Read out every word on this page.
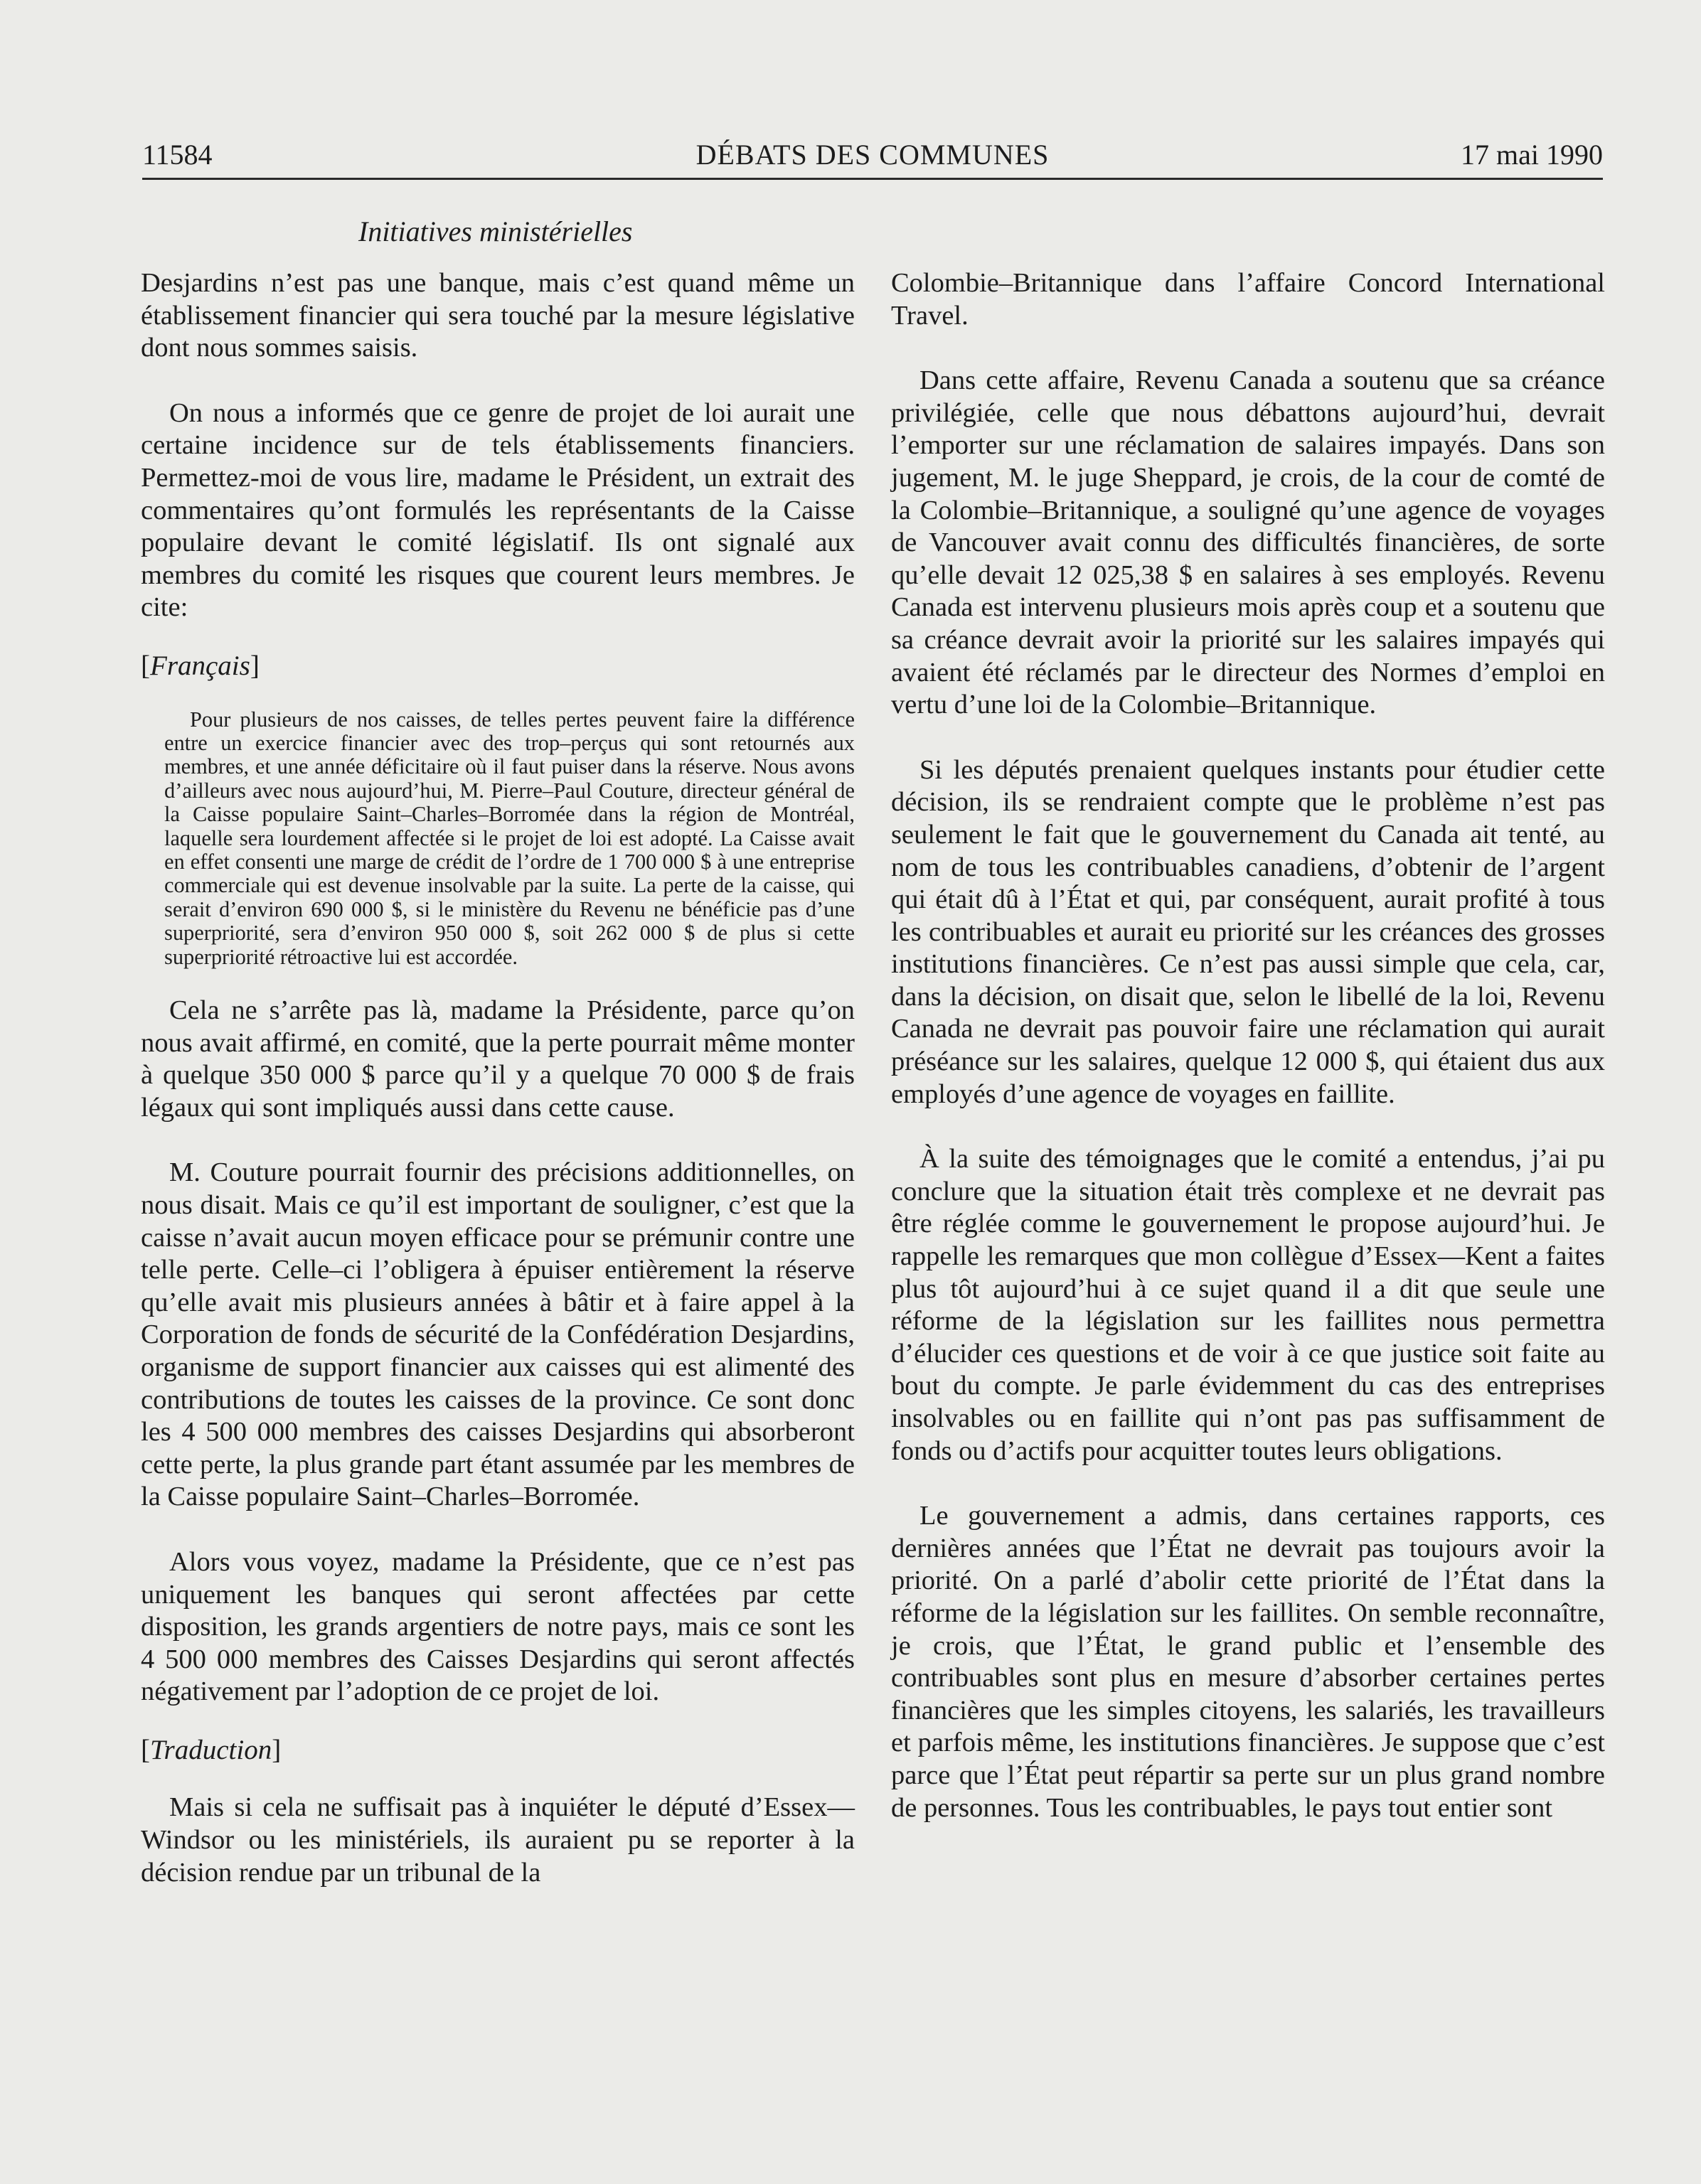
11584	DÉBATS DES COMMUNES	17 mai 1990
Initiatives ministérielles

Desjardins n’est pas une banque, mais c’est quand même un établissement financier qui sera touché par la mesure législative dont nous sommes saisis.

On nous a informés que ce genre de projet de loi aurait une certaine incidence sur de tels établissements financiers. Permettez-moi de vous lire, madame le Président, un extrait des commentaires qu’ont formulés les représentants de la Caisse populaire devant le comité législatif. Ils ont signalé aux membres du comité les risques que courent leurs membres. Je cite:

[Français]

Pour plusieurs de nos caisses, de telles pertes peuvent faire la différence entre un exercice financier avec des trop–perçus qui sont retournés aux membres, et une année déficitaire où il faut puiser dans la réserve. Nous avons d’ailleurs avec nous aujourd’hui, M. Pierre–Paul Couture, directeur général de la Caisse populaire Saint–Charles–Borromée dans la région de Montréal, laquelle sera lourdement affectée si le projet de loi est adopté. La Caisse avait en effet consenti une marge de crédit de l’ordre de 1 700 000 $ à une entreprise commerciale qui est devenue insolvable par la suite. La perte de la caisse, qui serait d’environ 690 000 $, si le ministère du Revenu ne bénéficie pas d’une superpriorité, sera d’environ 950 000 $, soit 262 000 $ de plus si cette superpriorité rétroactive lui est accordée.

Cela ne s’arrête pas là, madame la Présidente, parce qu’on nous avait affirmé, en comité, que la perte pourrait même monter à quelque 350 000 $ parce qu’il y a quelque 70 000 $ de frais légaux qui sont impliqués aussi dans cette cause.

M. Couture pourrait fournir des précisions additionnelles, on nous disait. Mais ce qu’il est important de souligner, c’est que la caisse n’avait aucun moyen efficace pour se prémunir contre une telle perte. Celle–ci l’obligera à épuiser entièrement la réserve qu’elle avait mis plusieurs années à bâtir et à faire appel à la Corporation de fonds de sécurité de la Confédération Desjardins, organisme de support financier aux caisses qui est alimenté des contributions de toutes les caisses de la province. Ce sont donc les 4 500 000 membres des caisses Desjardins qui absorberont cette perte, la plus grande part étant assumée par les membres de la Caisse populaire Saint–Charles–Borromée.

Alors vous voyez, madame la Présidente, que ce n’est pas uniquement les banques qui seront affectées par cette disposition, les grands argentiers de notre pays, mais ce sont les 4 500 000 membres des Caisses Desjardins qui seront affectés négativement par l’adoption de ce projet de loi.

[Traduction]

Mais si cela ne suffisait pas à inquiéter le député d’Essex—Windsor ou les ministériels, ils auraient pu se reporter à la décision rendue par un tribunal de la

Colombie–Britannique dans l’affaire Concord International Travel.

Dans cette affaire, Revenu Canada a soutenu que sa créance privilégiée, celle que nous débattons aujourd’hui, devrait l’emporter sur une réclamation de salaires impayés. Dans son jugement, M. le juge Sheppard, je crois, de la cour de comté de la Colombie–Britannique, a souligné qu’une agence de voyages de Vancouver avait connu des difficultés financières, de sorte qu’elle devait 12 025,38 $ en salaires à ses employés. Revenu Canada est intervenu plusieurs mois après coup et a soutenu que sa créance devrait avoir la priorité sur les salaires impayés qui avaient été réclamés par le directeur des Normes d’emploi en vertu d’une loi de la Colombie–Britannique.

Si les députés prenaient quelques instants pour étudier cette décision, ils se rendraient compte que le problème n’est pas seulement le fait que le gouvernement du Canada ait tenté, au nom de tous les contribuables canadiens, d’obtenir de l’argent qui était dû à l’État et qui, par conséquent, aurait profité à tous les contribuables et aurait eu priorité sur les créances des grosses institutions financières. Ce n’est pas aussi simple que cela, car, dans la décision, on disait que, selon le libellé de la loi, Revenu Canada ne devrait pas pouvoir faire une réclamation qui aurait préséance sur les salaires, quelque 12 000 $, qui étaient dus aux employés d’une agence de voyages en faillite.

À la suite des témoignages que le comité a entendus, j’ai pu conclure que la situation était très complexe et ne devrait pas être réglée comme le gouvernement le propose aujourd’hui. Je rappelle les remarques que mon collègue d’Essex—Kent a faites plus tôt aujourd’hui à ce sujet quand il a dit que seule une réforme de la législation sur les faillites nous permettra d’élucider ces questions et de voir à ce que justice soit faite au bout du compte. Je parle évidemment du cas des entreprises insolvables ou en faillite qui n’ont pas pas suffisamment de fonds ou d’actifs pour acquitter toutes leurs obligations.

Le gouvernement a admis, dans certaines rapports, ces dernières années que l’État ne devrait pas toujours avoir la priorité. On a parlé d’abolir cette priorité de l’État dans la réforme de la législation sur les faillites. On semble reconnaître, je crois, que l’État, le grand public et l’ensemble des contribuables sont plus en mesure d’absorber certaines pertes financières que les simples citoyens, les salariés, les travailleurs et parfois même, les institutions financières. Je suppose que c’est parce que l’État peut répartir sa perte sur un plus grand nombre de personnes. Tous les contribuables, le pays tout entier sont
